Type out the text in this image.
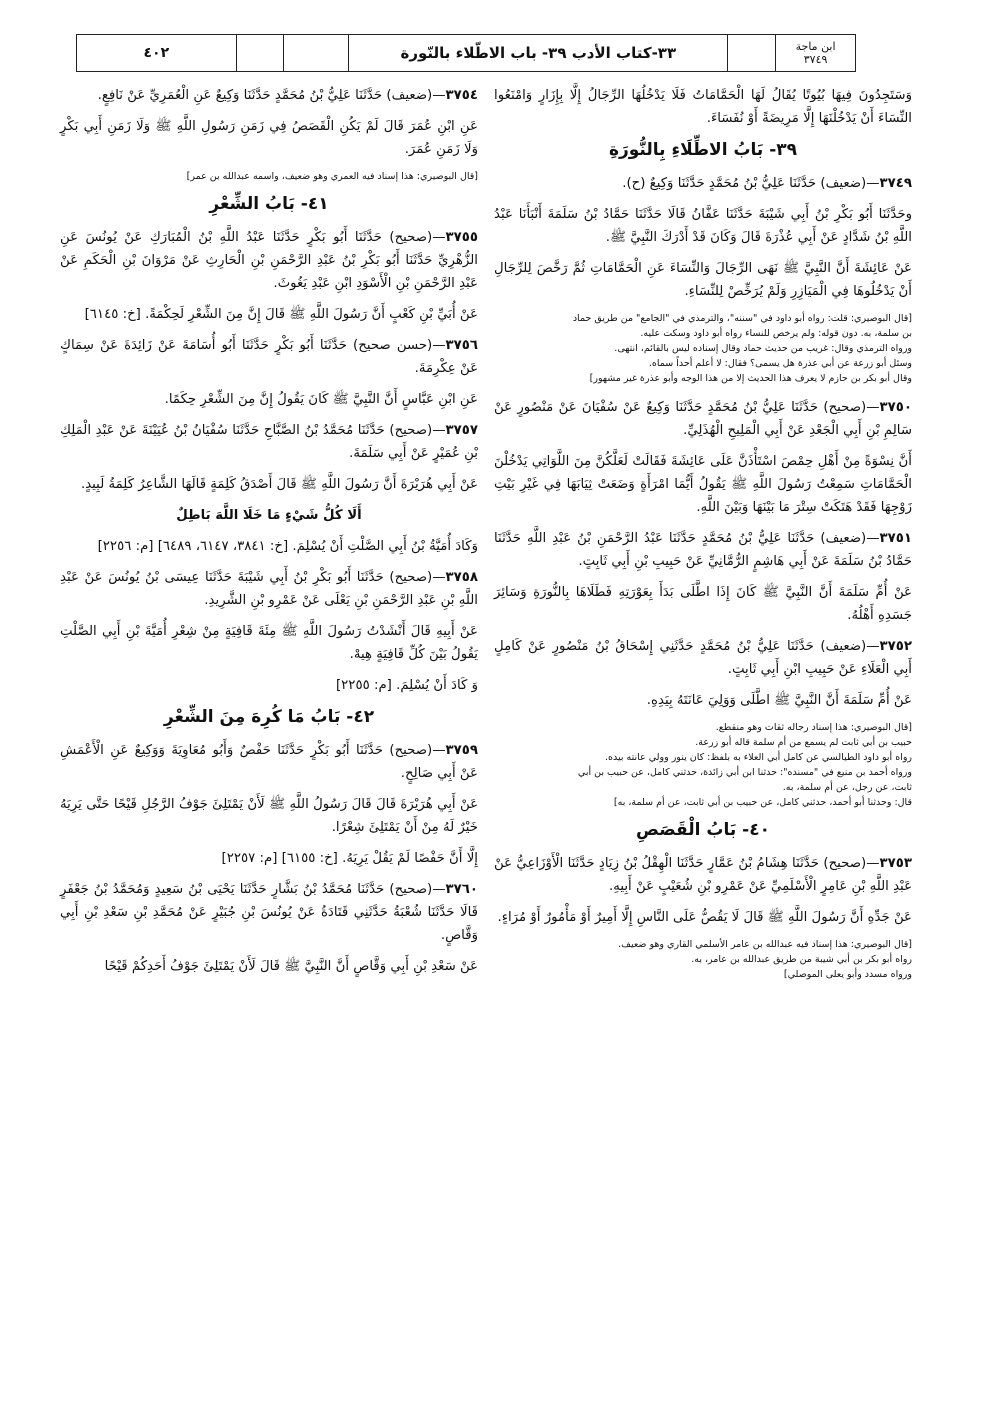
٤٠٢	٣٣-كتاب الأدب ٣٩- باب الاطّلاء بالنّورة	ابن ماجة
٣٧٤٩

وَسَتَجِدُونَ فِيهَا بُيُوتًا يُقَالُ لَهَا الْحَمَّامَاتُ فَلَا يَدْخُلُهَا الرِّجَالُ إِلَّا بِإِزَارٍ وَامْنَعُوا النِّسَاءَ أَنْ يَدْخُلْنَهَا إِلَّا مَرِيضَةً أَوْ نُفَسَاءَ.

٣٩- بَابُ الاطِّلَاءِ بِالنُّورَةِ

٣٧٤٩—(ضعيف) حَدَّثَنَا عَلِيُّ بْنُ مُحَمَّدٍ حَدَّثَنَا وَكِيعٌ (ح).

وحَدَّثَنَا أَبُو بَكْرِ بْنُ أَبِي شَيْبَةَ حَدَّثَنَا عَفَّانُ قَالَا حَدَّثَنَا حَمَّادُ بْنُ سَلَمَةَ أَنْبَأَنَا عَبْدُ اللَّهِ بْنُ شَدَّادٍ عَنْ أَبِي عُذْرَةَ قَالَ وَكَانَ قَدْ أَدْرَكَ النَّبِيَّ ﷺ.

عَنْ عَائِشَةَ أَنَّ النَّبِيَّ ﷺ نَهَى الرِّجَالَ وَالنِّسَاءَ عَنِ الْحَمَّامَاتِ ثُمَّ رَخَّصَ لِلرِّجَالِ أَنْ يَدْخُلُوهَا فِي الْمَيَازِرِ وَلَمْ يُرَخِّصْ لِلنِّسَاءِ.

[قال البوصيري: قلت: رواه أبو داود في "سننه"، والترمذي في "الجامع" من طريق حماد
بن سلمة، به. دون قوله: ولم يرخص للنساء رواه أبو داود وسكت عليه.
ورواه الترمذي وقال: غريب من حديث حماد وقال إسناده ليس بالقائم، انتهى.
وسئل أبو زرعة عن أبي عذرة هل يسمى؟ فقال: لا أعلم أحداً سماه.
وقال أبو بكر بن حازم لا يعرف هذا الحديث إلا من هذا الوجه وأبو عذرة غير مشهور]

٣٧٥٠—(صحيح) حَدَّثَنَا عَلِيُّ بْنُ مُحَمَّدٍ حَدَّثَنَا وَكِيعٌ عَنْ سُفْيَانَ عَنْ مَنْصُورٍ عَنْ سَالِمِ بْنِ أَبِي الْجَعْدِ عَنْ أَبِي الْمَلِيحِ الْهُذَلِيِّ.

أَنَّ نِسْوَةً مِنْ أَهْلِ حِمْصَ اسْتَأْذَنَّ عَلَى عَائِشَةَ فَقَالَتْ لَعَلَّكُنَّ مِنَ اللَّوَاتِي يَدْخُلْنَ الْحَمَّامَاتِ سَمِعْتُ رَسُولَ اللَّهِ ﷺ يَقُولُ أَيُّمَا امْرَأَةٍ وَضَعَتْ ثِيَابَهَا فِي غَيْرِ بَيْتِ زَوْجِهَا فَقَدْ هَتَكَتْ سِتْرَ مَا بَيْنَهَا وَبَيْنَ اللَّهِ.

٣٧٥١—(ضعيف) حَدَّثَنَا عَلِيُّ بْنُ مُحَمَّدٍ حَدَّثَنَا عَبْدُ الرَّحْمَنِ بْنُ عَبْدِ اللَّهِ حَدَّثَنَا حَمَّادُ بْنُ سَلَمَةَ عَنْ أَبِي هَاشِمٍ الرُّمَّانِيِّ عَنْ حَبِيبِ بْنِ أَبِي ثَابِتٍ.

عَنْ أُمِّ سَلَمَةَ أَنَّ النَّبِيَّ ﷺ كَانَ إِذَا اطَّلَى بَدَأَ بِعَوْرَتِهِ فَطَلَاهَا بِالنُّورَةِ وَسَائِرَ جَسَدِهِ أَهْلُهُ.

٣٧٥٢—(ضعيف) حَدَّثَنَا عَلِيُّ بْنُ مُحَمَّدٍ حَدَّثَنِي إِسْحَاقُ بْنُ مَنْصُورٍ عَنْ كَامِلٍ أَبِي الْعَلَاءِ عَنْ حَبِيبِ ابْنِ أَبِي ثَابِتٍ.

عَنْ أُمِّ سَلَمَةَ أَنَّ النَّبِيَّ ﷺ اطَّلَى وَوَلِيَ عَانَتَهُ بِيَدِهِ.

[قال البوصيري: هذا إسناد رجاله ثقات وهو منقطع.
حبيب بن أبي ثابت لم يسمع من أم سلمة قاله أبو زرعة.
رواه أبو داود الطيالسي عن كامل أبي العلاء به بلفظ: كان ينور وولي عانته بيده.
ورواه أحمد بن منيع في "مسنده": حدثنا ابن أبي زائدة، حدثني كامل، عن حبيب بن أبي
ثابت، عن رجل، عن أم سلمة، به.
قال: وحدثنا أبو أحمد، حدثني كامل، عن حبيب بن أبي ثابت، عن أم سلمة، به]
٤٠- بَابُ الْقَصَصِ

٣٧٥٣—(صحيح) حَدَّثَنَا هِشَامُ بْنُ عَمَّارٍ حَدَّثَنَا الْهِقْلُ بْنُ زِيَادٍ حَدَّثَنَا الْأَوْزَاعِيُّ عَنْ عَبْدِ اللَّهِ بْنِ عَامِرٍ الْأَسْلَمِيِّ عَنْ عَمْرِو بْنِ شُعَيْبٍ عَنْ أَبِيهِ.

عَنْ جَدِّهِ أَنَّ رَسُولَ اللَّهِ ﷺ قَالَ لَا يَقُصُّ عَلَى النَّاسِ إِلَّا أَمِيرٌ أَوْ مَأْمُورٌ أَوْ مُرَاءٍ.

[قال البوصيري: هذا إسناد فيه عبدالله بن عامر الأسلمي القاري وهو ضعيف.
رواه أبو بكر بن أبي شيبة من طريق عبدالله بن عامر، به.
ورواه مسدد وأبو يعلى الموصلي]

٣٧٥٤—(ضعيف) حَدَّثَنَا عَلِيُّ بْنُ مُحَمَّدٍ حَدَّثَنَا وَكِيعٌ عَنِ الْعُمَرِيِّ عَنْ نَافِعٍ.

عَنِ ابْنِ عُمَرَ قَالَ لَمْ يَكُنِ الْقَصَصُ فِي زَمَنِ رَسُولِ اللَّهِ ﷺ وَلَا زَمَنِ أَبِي بَكْرٍ وَلَا زَمَنِ عُمَرَ.

[قال البوصيري: هذا إسناد فيه العمري وهو ضعيف، واسمه عبدالله بن عمر]
٤١- بَابُ الشِّعْرِ

٣٧٥٥—(صحيح) حَدَّثَنَا أَبُو بَكْرٍ حَدَّثَنَا عَبْدُ اللَّهِ بْنُ الْمُبَارَكِ عَنْ يُونُسَ عَنِ الزُّهْرِيِّ حَدَّثَنَا أَبُو بَكْرِ بْنُ عَبْدِ الرَّحْمَنِ بْنِ الْحَارِثِ عَنْ مَرْوَانَ بْنِ الْحَكَمِ عَنْ عَبْدِ الرَّحْمَنِ بْنِ الْأَسْوَدِ ابْنِ عَبْدِ يَغُوثَ.

عَنْ أُبَيِّ بْنِ كَعْبٍ أَنَّ رَسُولَ اللَّهِ ﷺ قَالَ إِنَّ مِنَ الشِّعْرِ لَحِكْمَةً. [خ: ٦١٤٥]

٣٧٥٦—(حسن صحيح) حَدَّثَنَا أَبُو بَكْرٍ حَدَّثَنَا أَبُو أُسَامَةَ عَنْ زَائِدَةَ عَنْ سِمَاكٍ عَنْ عِكْرِمَةَ.

عَنِ ابْنِ عَبَّاسٍ أَنَّ النَّبِيَّ ﷺ كَانَ يَقُولُ إِنَّ مِنَ الشِّعْرِ حِكَمًا.

٣٧٥٧—(صحيح) حَدَّثَنَا مُحَمَّدُ بْنُ الصَّبَّاحِ حَدَّثَنَا سُفْيَانُ بْنُ عُيَيْنَةَ عَنْ عَبْدِ الْمَلِكِ بْنِ عُمَيْرٍ عَنْ أَبِي سَلَمَةَ.

عَنْ أَبِي هُرَيْرَةَ أَنَّ رَسُولَ اللَّهِ ﷺ قَالَ أَصْدَقُ كَلِمَةٍ قَالَهَا الشَّاعِرُ كَلِمَةُ لَبِيدٍ.

أَلَا كُلُّ شَيْءٍ مَا خَلَا اللَّهَ بَاطِلٌ

وَكَادَ أُمَيَّةُ بْنُ أَبِي الصَّلْتِ أَنْ يُسْلِمَ. [خ: ٣٨٤١، ٦١٤٧، ٦٤٨٩] [م: ٢٢٥٦]

٣٧٥٨—(صحيح) حَدَّثَنَا أَبُو بَكْرِ بْنُ أَبِي شَيْبَةَ حَدَّثَنَا عِيسَى بْنُ يُونُسَ عَنْ عَبْدِ اللَّهِ بْنِ عَبْدِ الرَّحْمَنِ بْنِ يَعْلَى عَنْ عَمْرِو بْنِ الشَّرِيدِ.

عَنْ أَبِيهِ قَالَ أَنْشَدْتُ رَسُولَ اللَّهِ ﷺ مِئَةَ قَافِيَةٍ مِنْ شِعْرِ أُمَيَّةَ بْنِ أَبِي الصَّلْتِ يَقُولُ بَيْنَ كُلِّ قَافِيَةٍ هِيهْ.

وَ كَادَ أَنْ يُسْلِمَ. [م: ٢٢٥٥]

٤٢- بَابُ مَا كُرِهَ مِنَ الشِّعْرِ

٣٧٥٩—(صحيح) حَدَّثَنَا أَبُو بَكْرٍ حَدَّثَنَا حَفْصٌ وَأَبُو مُعَاوِيَةَ وَوَكِيعٌ عَنِ الْأَعْمَشِ عَنْ أَبِي صَالِحٍ.

عَنْ أَبِي هُرَيْرَةَ قَالَ قَالَ رَسُولُ اللَّهِ ﷺ لَأَنْ يَمْتَلِئَ جَوْفُ الرَّجُلِ قَيْحًا حَتَّى يَرِيَهُ خَيْرٌ لَهُ مِنْ أَنْ يَمْتَلِئَ شِعْرًا.

إِلَّا أَنَّ حَفْصًا لَمْ يَقُلْ يَرِيَهُ. [خ: ٦١٥٥] [م: ٢٢٥٧]

٣٧٦٠—(صحيح) حَدَّثَنَا مُحَمَّدُ بْنُ بَشَّارٍ حَدَّثَنَا يَحْيَى بْنُ سَعِيدٍ وَمُحَمَّدُ بْنُ جَعْفَرٍ قَالَا حَدَّثَنَا شُعْبَةُ حَدَّثَنِي قَتَادَةُ عَنْ يُونُسَ بْنِ جُبَيْرٍ عَنْ مُحَمَّدِ بْنِ سَعْدِ بْنِ أَبِي وَقَّاصٍ.

عَنْ سَعْدِ بْنِ أَبِي وَقَّاصٍ أَنَّ النَّبِيَّ ﷺ قَالَ لَأَنْ يَمْتَلِئَ جَوْفُ أَحَدِكُمْ قَيْحًا
